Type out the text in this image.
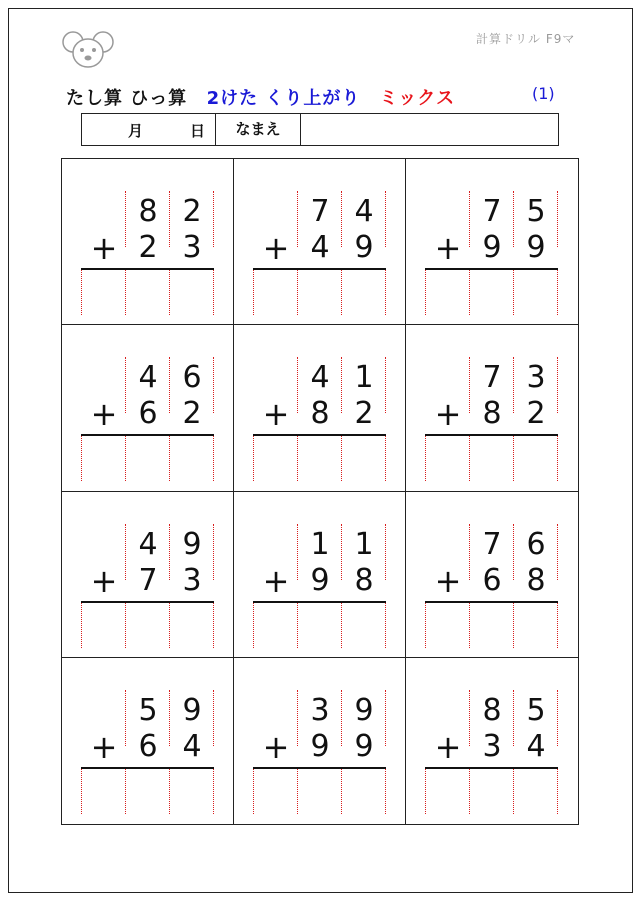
計算ドリル F9マ
たし算 ひっ算 2けた くり上がり ミックス	(1)
月	日	なまえ
8 2
+ 2 3
7 4
+ 4 9
7 5
+ 9 9
4 6
+ 6 2
4 1
+ 8 2
7 3
+ 8 2
4 9
+ 7 3
1 1
+ 9 8
7 6
+ 6 8
5 9
+ 6 4
3 9
+ 9 9
8 5
+ 3 4
